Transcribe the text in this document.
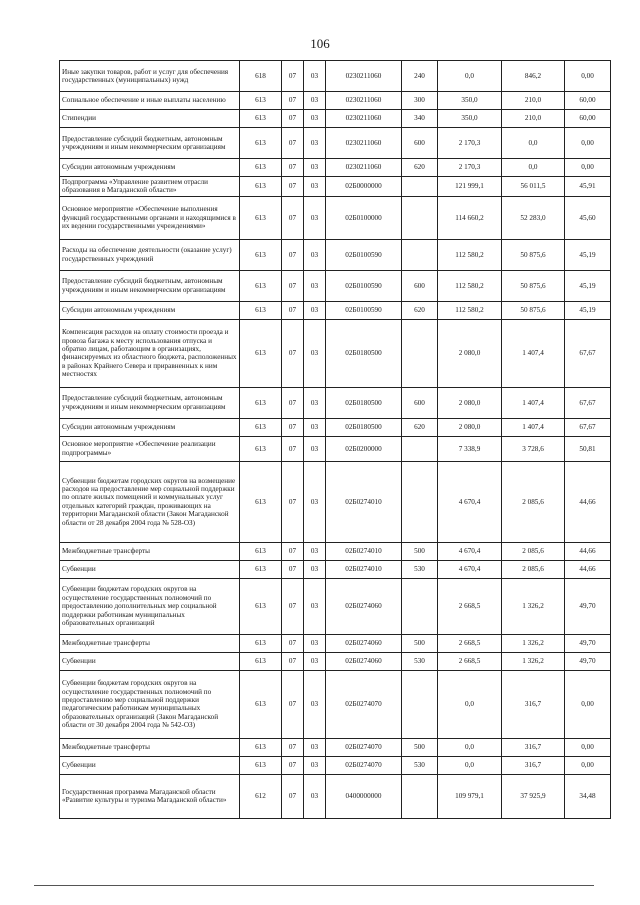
106
Иные закупки товаров, работ и услуг для обеспечения государственных (муниципальных) нужд	618	07	03	0230211060	240	0,0	846,2	0,00
Сопиальное обеспечение и иные выплаты населению	613	07	03	0230211060	300	350,0	210,0	60,00
Стипендии	613	07	03	0230211060	340	350,0	210,0	60,00
Предоставление субсидий бюджетным, автономным учреждениям и иным некоммерческим организациям	613	07	03	0230211060	600	2 170,3	0,0	0,00
Субсидии автономным учреждениям	613	07	03	0230211060	620	2 170,3	0,0	0,00
Подпрограмма «Управление развитием отрасли образования в Магаданской области»	613	07	03	02Б0000000		121 999,1	56 011,5	45,91
Основное мероприятие «Обеспечение выполнения функций государственными органами и находящимися в их ведении государственными учреждениями»	613	07	03	02Б0100000		114 660,2	52 283,0	45,60
Расходы на обеспечение деятельности (оказание услуг) государственных учреждений	613	07	03	02Б0100590		112 580,2	50 875,6	45,19
Предоставление субсидий бюджетным, автономным учреждениям и иным некоммерческим организациям	613	07	03	02Б0100590	600	112 580,2	50 875,6	45,19
Субсидии автономным учреждениям	613	07	03	02Б0100590	620	112 580,2	50 875,6	45,19
Компенсация расходов на оплату стоимости проезда и провоза багажа к месту использования отпуска и обратно лицам, работающим в организациях, финансируемых из областного бюджета, расположенных в районах Крайнего Севера и приравненных к ним местностях	613	07	03	02Б0180500		2 080,0	1 407,4	67,67
Предоставление субсидий бюджетным, автономным учреждениям и иным некоммерческим организациям	613	07	03	02Б0180500	600	2 080,0	1 407,4	67,67
Субсидии автономным учреждениям	613	07	03	02Б0180500	620	2 080,0	1 407,4	67,67
Основное мероприятие «Обеспечение реализации подпрограммы»	613	07	03	02Б0200000		7 338,9	3 728,6	50,81
Субвенции бюджетам городских округов на возмещение расходов на предоставление мер социальной поддержки по оплате жилых помещений и коммунальных услуг отдельных категорий граждан, проживающих на территории Магаданской области (Закон Магаданской области от 28 декабря 2004 года № 528-ОЗ)	613	07	03	02Б0274010		4 670,4	2 085,6	44,66
Межбюджетные трансферты	613	07	03	02Б0274010	500	4 670,4	2 085,6	44,66
Субвенции	613	07	03	02Б0274010	530	4 670,4	2 085,6	44,66
Субвенции бюджетам городских округов на осуществление государственных полномочий по предоставлению дополнительных мер социальной поддержки работникам муниципальных образовательных организаций	613	07	03	02Б0274060		2 668,5	1 326,2	49,70
Межбюджетные трансферты	613	07	03	02Б0274060	500	2 668,5	1 326,2	49,70
Субвенции	613	07	03	02Б0274060	530	2 668,5	1 326,2	49,70
Субвенции бюджетам городских округов на осуществление государственных полномочий по предоставлению мер социальной поддержки педагогическим работникам муниципальных образовательных организаций (Закон Магаданской области от 30 декабря 2004 года № 542-ОЗ)	613	07	03	02Б0274070		0,0	316,7	0,00
Межбюджетные трансферты	613	07	03	02Б0274070	500	0,0	316,7	0,00
Субвенции	613	07	03	02Б0274070	530	0,0	316,7	0,00
Государственная программа Магаданской области «Развитие культуры и туризма Магаданской области»	612	07	03	0400000000		109 979,1	37 925,9	34,48
